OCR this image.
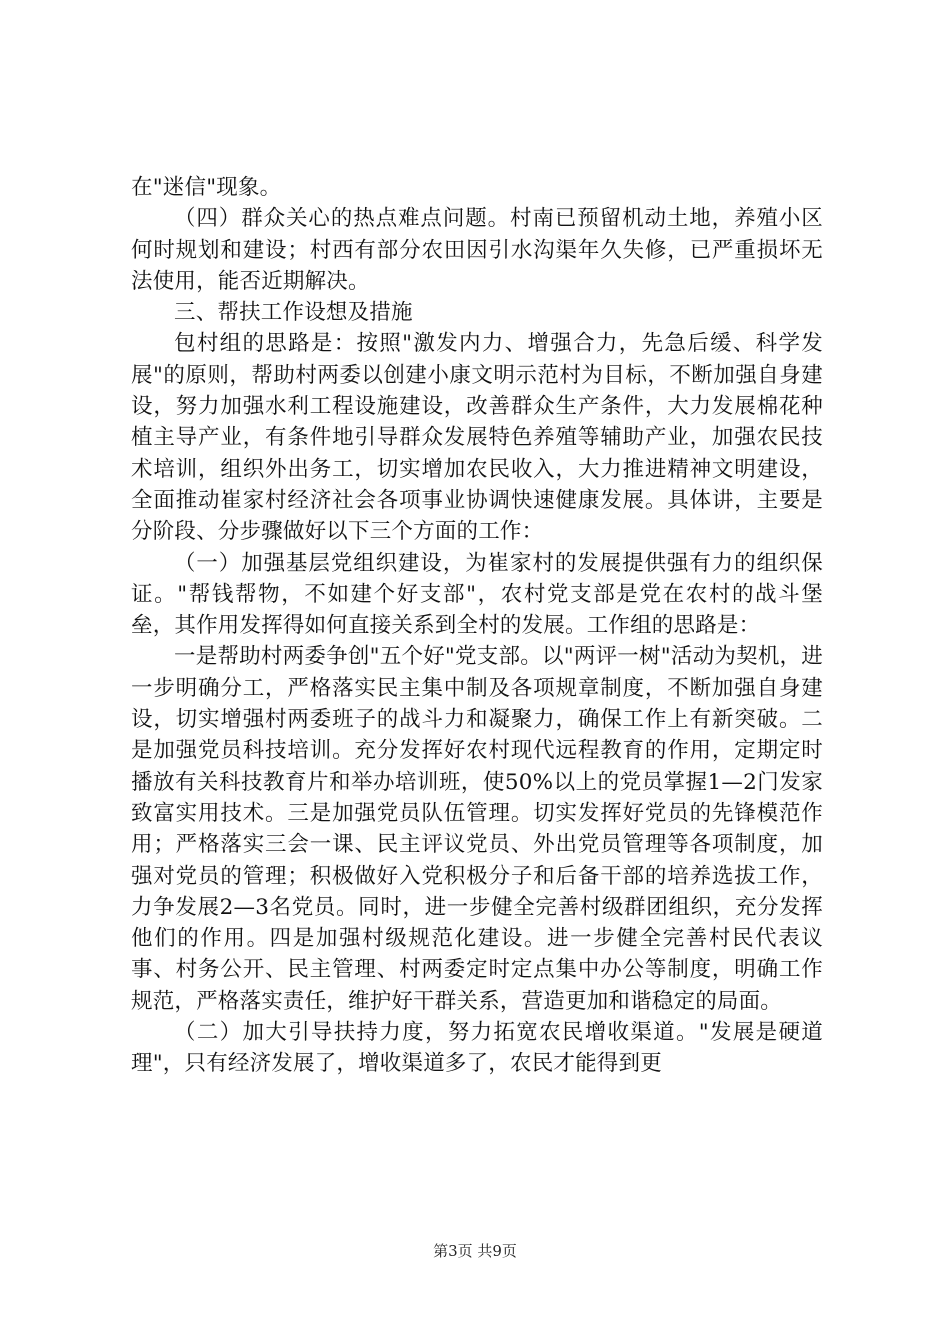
在"迷信"现象。

（四）群众关心的热点难点问题。村南已预留机动土地，养殖小区何时规划和建设；村西有部分农田因引水沟渠年久失修，已严重损坏无法使用，能否近期解决。

三、帮扶工作设想及措施

包村组的思路是：按照"激发内力、增强合力，先急后缓、科学发展"的原则，帮助村两委以创建小康文明示范村为目标，不断加强自身建设，努力加强水利工程设施建设，改善群众生产条件，大力发展棉花种植主导产业，有条件地引导群众发展特色养殖等辅助产业，加强农民技术培训，组织外出务工，切实增加农民收入，大力推进精神文明建设，全面推动崔家村经济社会各项事业协调快速健康发展。具体讲，主要是分阶段、分步骤做好以下三个方面的工作：

（一）加强基层党组织建设，为崔家村的发展提供强有力的组织保证。"帮钱帮物，不如建个好支部"，农村党支部是党在农村的战斗堡垒，其作用发挥得如何直接关系到全村的发展。工作组的思路是：

一是帮助村两委争创"五个好"党支部。以"两评一树"活动为契机，进一步明确分工，严格落实民主集中制及各项规章制度，不断加强自身建设，切实增强村两委班子的战斗力和凝聚力，确保工作上有新突破。二是加强党员科技培训。充分发挥好农村现代远程教育的作用，定期定时播放有关科技教育片和举办培训班，使50%以上的党员掌握1—2门发家致富实用技术。三是加强党员队伍管理。切实发挥好党员的先锋模范作用；严格落实三会一课、民主评议党员、外出党员管理等各项制度，加强对党员的管理；积极做好入党积极分子和后备干部的培养选拔工作，力争发展2—3名党员。同时，进一步健全完善村级群团组织，充分发挥他们的作用。四是加强村级规范化建设。进一步健全完善村民代表议事、村务公开、民主管理、村两委定时定点集中办公等制度，明确工作规范，严格落实责任，维护好干群关系，营造更加和谐稳定的局面。

（二）加大引导扶持力度，努力拓宽农民增收渠道。"发展是硬道理"，只有经济发展了，增收渠道多了，农民才能得到更

第3页 共9页
